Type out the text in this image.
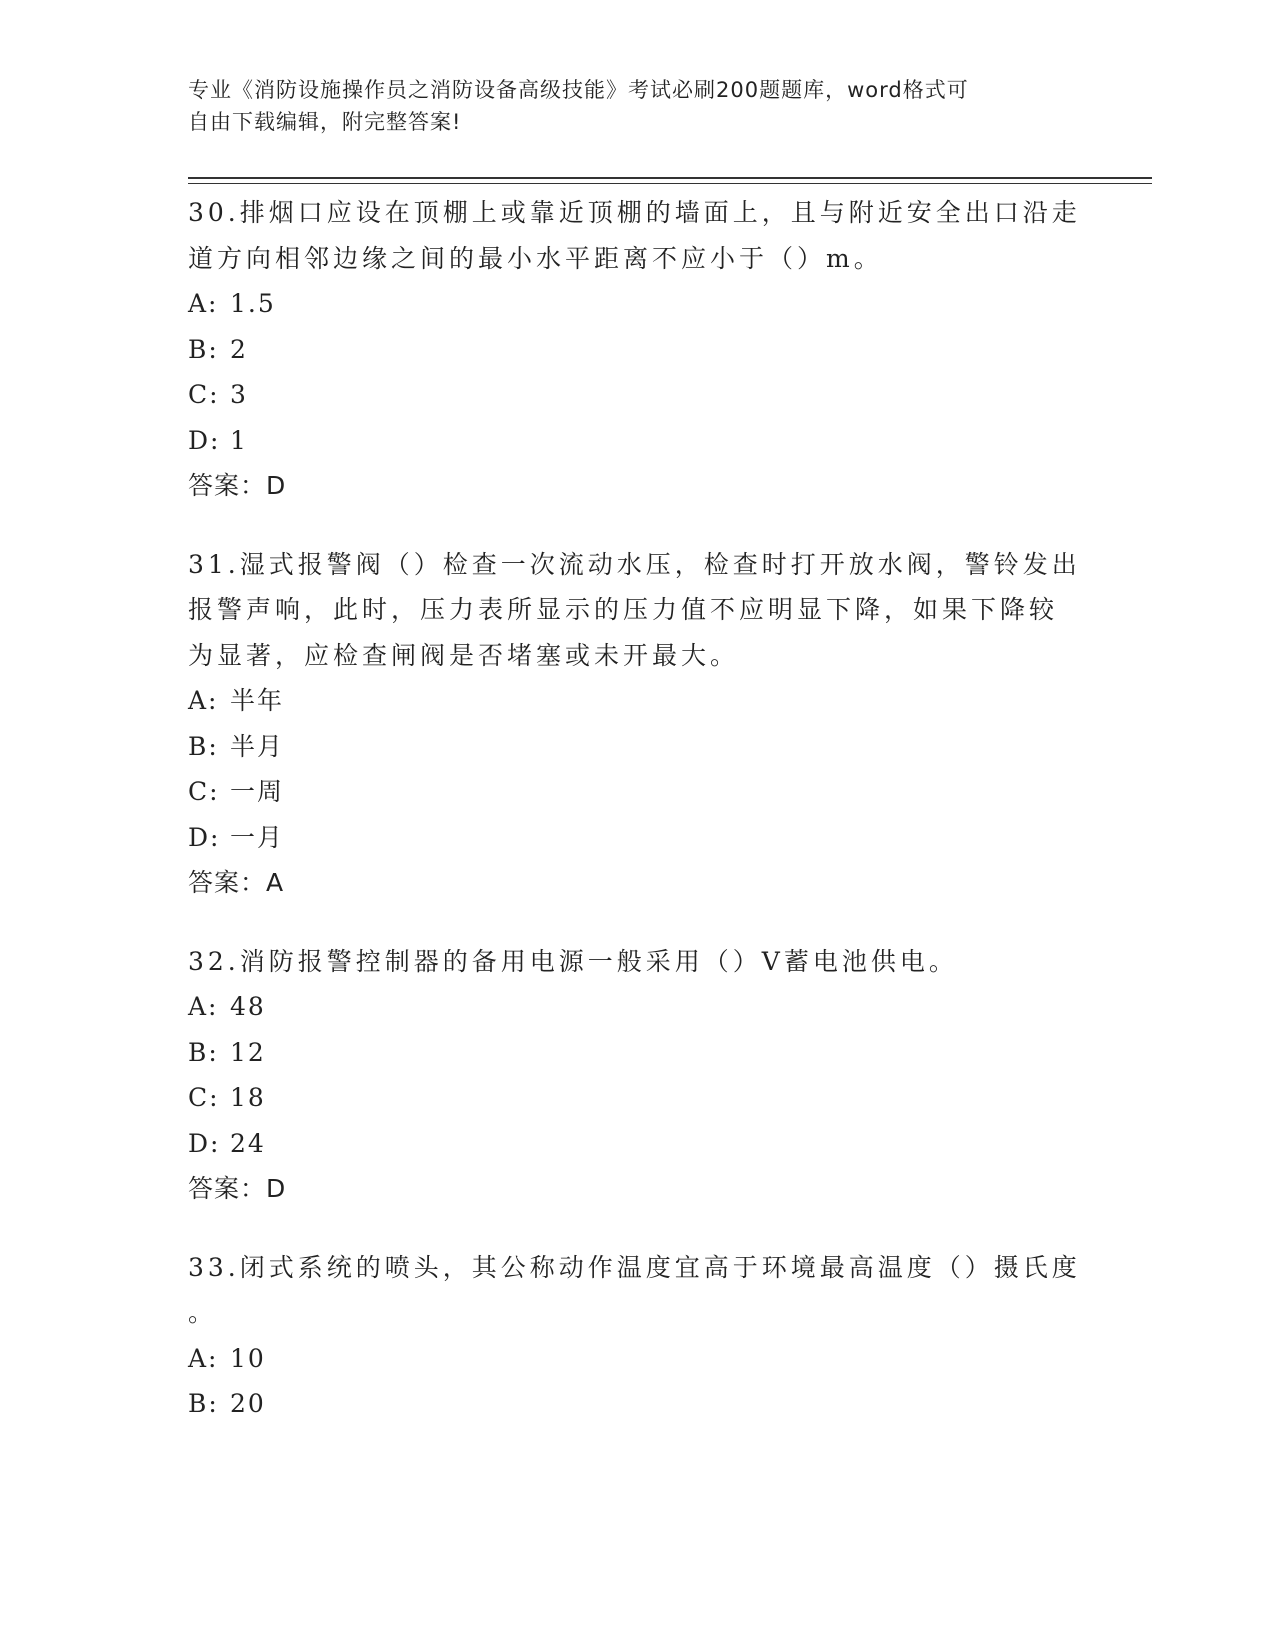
专业《消防设施操作员之消防设备高级技能》考试必刷200题题库，word格式可
自由下载编辑，附完整答案!

30.排烟口应设在顶棚上或靠近顶棚的墙面上，且与附近安全出口沿走

道方向相邻边缘之间的最小水平距离不应小于（）m。

A: 1.5

B: 2

C: 3

D: 1

答案：D

31.湿式报警阀（）检查一次流动水压，检查时打开放水阀，警铃发出

报警声响，此时，压力表所显示的压力值不应明显下降，如果下降较

为显著，应检查闸阀是否堵塞或未开最大。

A: 半年

B: 半月

C: 一周

D: 一月

答案：A

32.消防报警控制器的备用电源一般采用（）V蓄电池供电。

A: 48

B: 12

C: 18

D: 24

答案：D

33.闭式系统的喷头，其公称动作温度宜高于环境最高温度（）摄氏度

。

A: 10

B: 20
